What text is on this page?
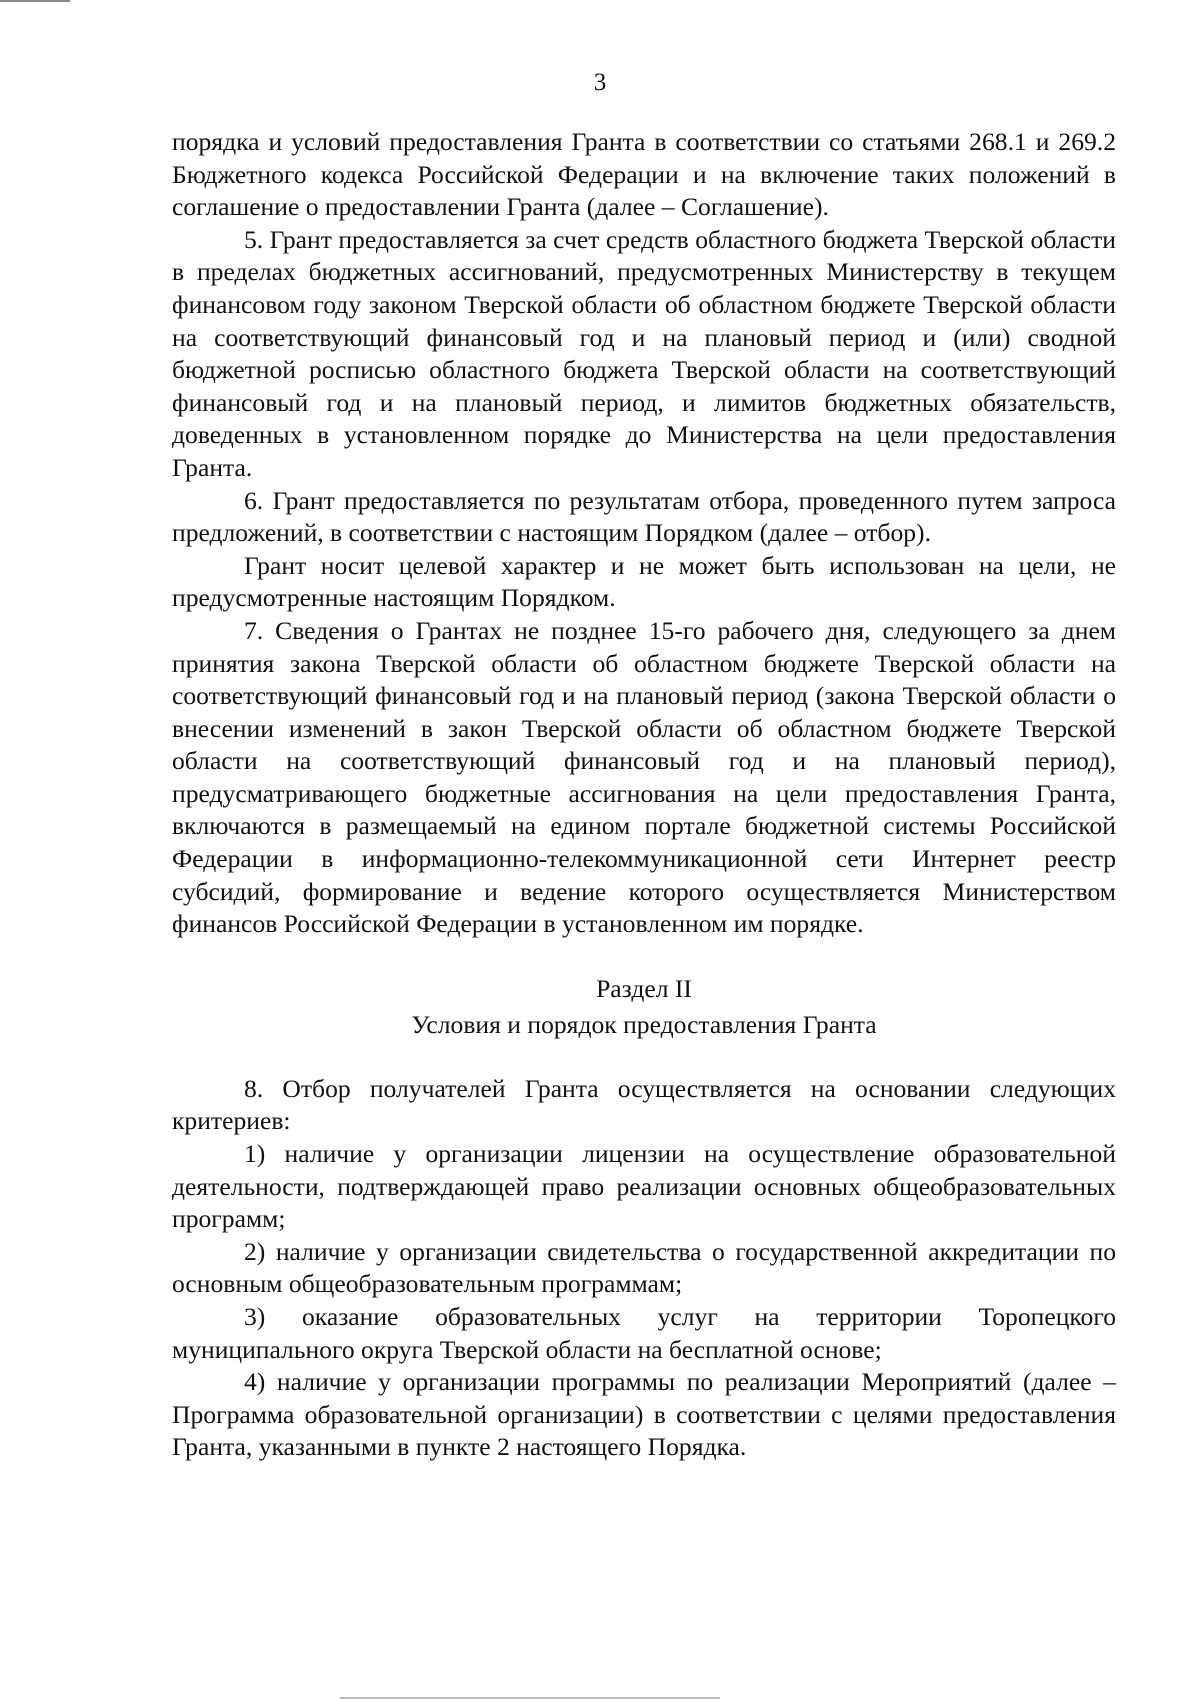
3

порядка и условий предоставления Гранта в соответствии со статьями 268.1 и 269.2 Бюджетного кодекса Российской Федерации и на включение таких положений в соглашение о предоставлении Гранта (далее – Соглашение).

5. Грант предоставляется за счет средств областного бюджета Тверской области в пределах бюджетных ассигнований, предусмотренных Министерству в текущем финансовом году законом Тверской области об областном бюджете Тверской области на соответствующий финансовый год и на плановый период и (или) сводной бюджетной росписью областного бюджета Тверской области на соответствующий финансовый год и на плановый период, и лимитов бюджетных обязательств, доведенных в установленном порядке до Министерства на цели предоставления Гранта.

6. Грант предоставляется по результатам отбора, проведенного путем запроса предложений, в соответствии с настоящим Порядком (далее – отбор).

Грант носит целевой характер и не может быть использован на цели, не предусмотренные настоящим Порядком.

7. Сведения о Грантах не позднее 15-го рабочего дня, следующего за днем принятия закона Тверской области об областном бюджете Тверской области на соответствующий финансовый год и на плановый период (закона Тверской области о внесении изменений в закон Тверской области об областном бюджете Тверской области на соответствующий финансовый год и на плановый период), предусматривающего бюджетные ассигнования на цели предоставления Гранта, включаются в размещаемый на едином портале бюджетной системы Российской Федерации в информационно-телекоммуникационной сети Интернет реестр субсидий, формирование и ведение которого осуществляется Министерством финансов Российской Федерации в установленном им порядке.

Раздел II
Условия и порядок предоставления Гранта

8. Отбор получателей Гранта осуществляется на основании следующих критериев:

1) наличие у организации лицензии на осуществление образовательной деятельности, подтверждающей право реализации основных общеобразовательных программ;

2) наличие у организации свидетельства о государственной аккредитации по основным общеобразовательным программам;

3) оказание образовательных услуг на территории Торопецкого муниципального округа Тверской области на бесплатной основе;

4) наличие у организации программы по реализации Мероприятий (далее – Программа образовательной организации) в соответствии с целями предоставления Гранта, указанными в пункте 2 настоящего Порядка.
